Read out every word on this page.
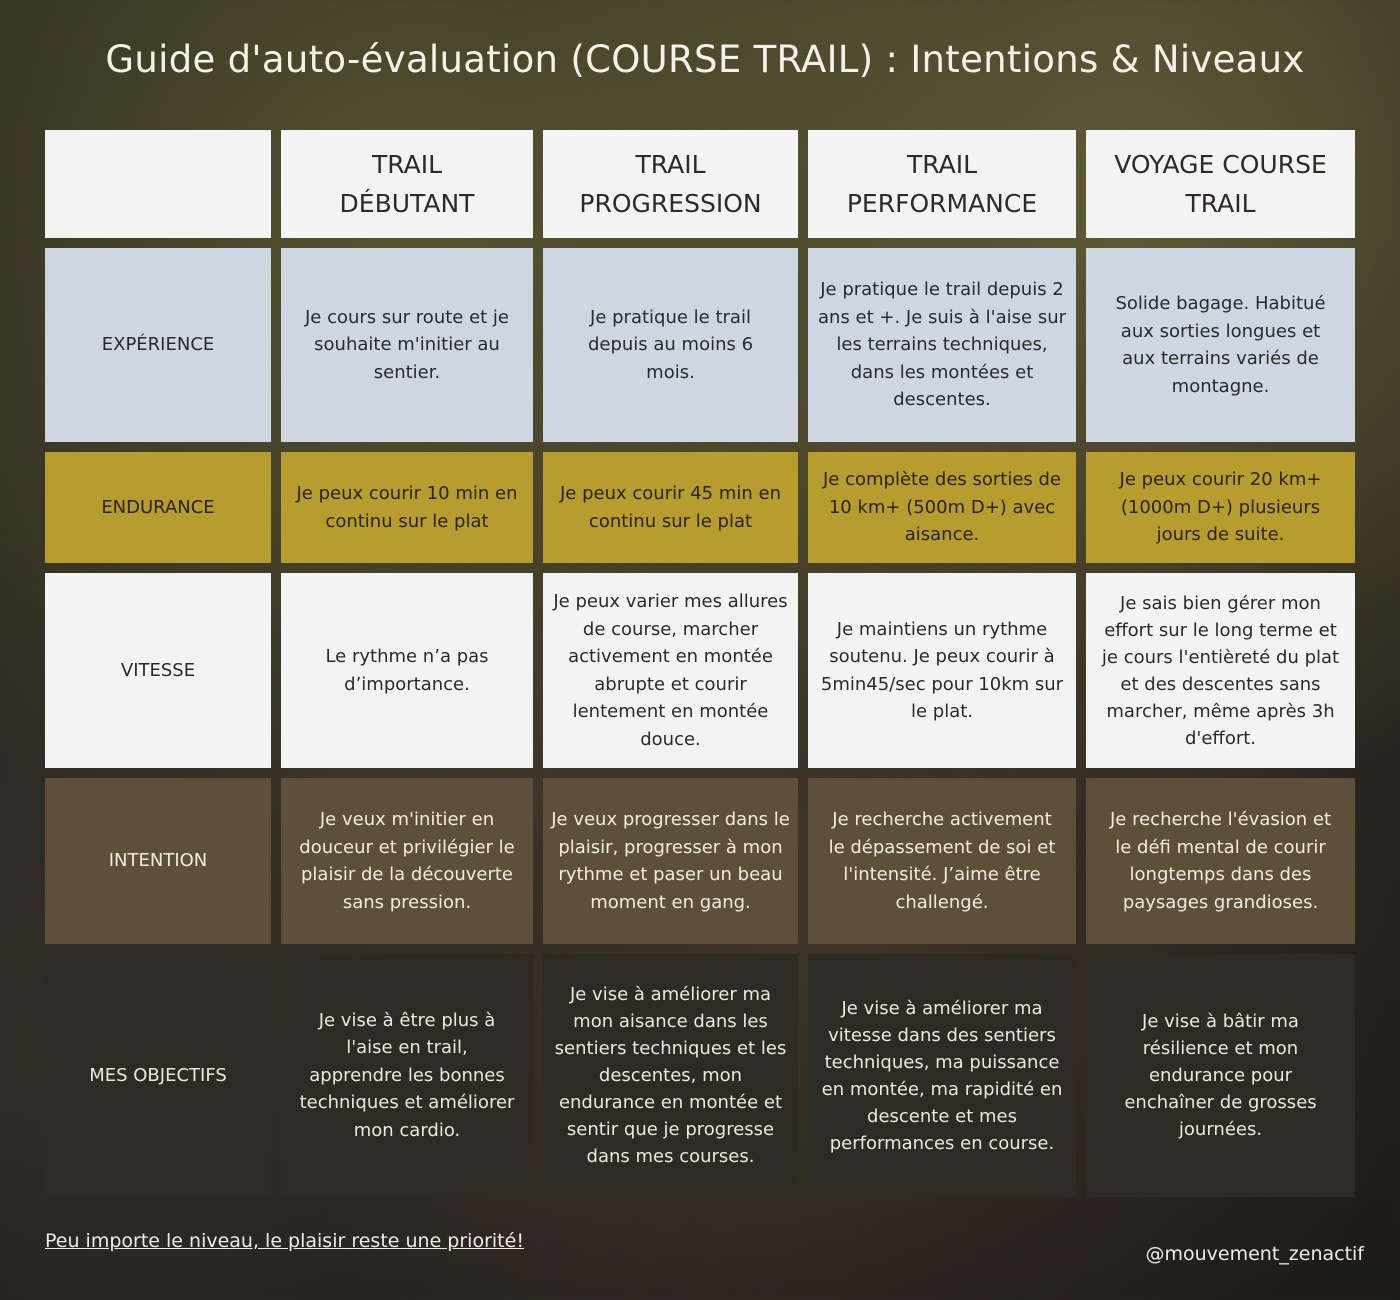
Guide d'auto-évaluation (COURSE TRAIL) : Intentions & Niveaux
TRAIL DÉBUTANT
TRAIL PROGRESSION
TRAIL PERFORMANCE
VOYAGE COURSE TRAIL
EXPÉRIENCE
Je cours sur route et je souhaite m'initier au sentier.
Je pratique le trail depuis au moins 6 mois.
Je pratique le trail depuis 2 ans et +. Je suis à l'aise sur les terrains techniques, dans les montées et descentes.
Solide bagage. Habitué aux sorties longues et aux terrains variés de montagne.
ENDURANCE
Je peux courir 10 min en continu sur le plat
Je peux courir 45 min en continu sur le plat
Je complète des sorties de 10 km+ (500m D+) avec aisance.
Je peux courir 20 km+ (1000m D+) plusieurs jours de suite.
VITESSE
Le rythme n’a pas d’importance.
Je peux varier mes allures de course, marcher activement en montée abrupte et courir lentement en montée douce.
Je maintiens un rythme soutenu. Je peux courir à 5min45/sec pour 10km sur le plat.
Je sais bien gérer mon effort sur le long terme et je cours l'entièreté du plat et des descentes sans marcher, même après 3h d'effort.
INTENTION
Je veux m'initier en douceur et privilégier le plaisir de la découverte sans pression.
Je veux progresser dans le plaisir, progresser à mon rythme et paser un beau moment en gang.
Je recherche activement le dépassement de soi et l'intensité. J’aime être challengé.
Je recherche l'évasion et le défi mental de courir longtemps dans des paysages grandioses.
MES OBJECTIFS
Je vise à être plus à l'aise en trail, apprendre les bonnes techniques et améliorer mon cardio.
Je vise à améliorer ma mon aisance dans les sentiers techniques et les descentes, mon endurance en montée et sentir que je progresse dans mes courses.
Je vise à améliorer ma vitesse dans des sentiers techniques, ma puissance en montée, ma rapidité en descente et mes performances en course.
Je vise à bâtir ma résilience et mon endurance pour enchaîner de grosses journées.
Peu importe le niveau, le plaisir reste une priorité!
@mouvement_zenactif
